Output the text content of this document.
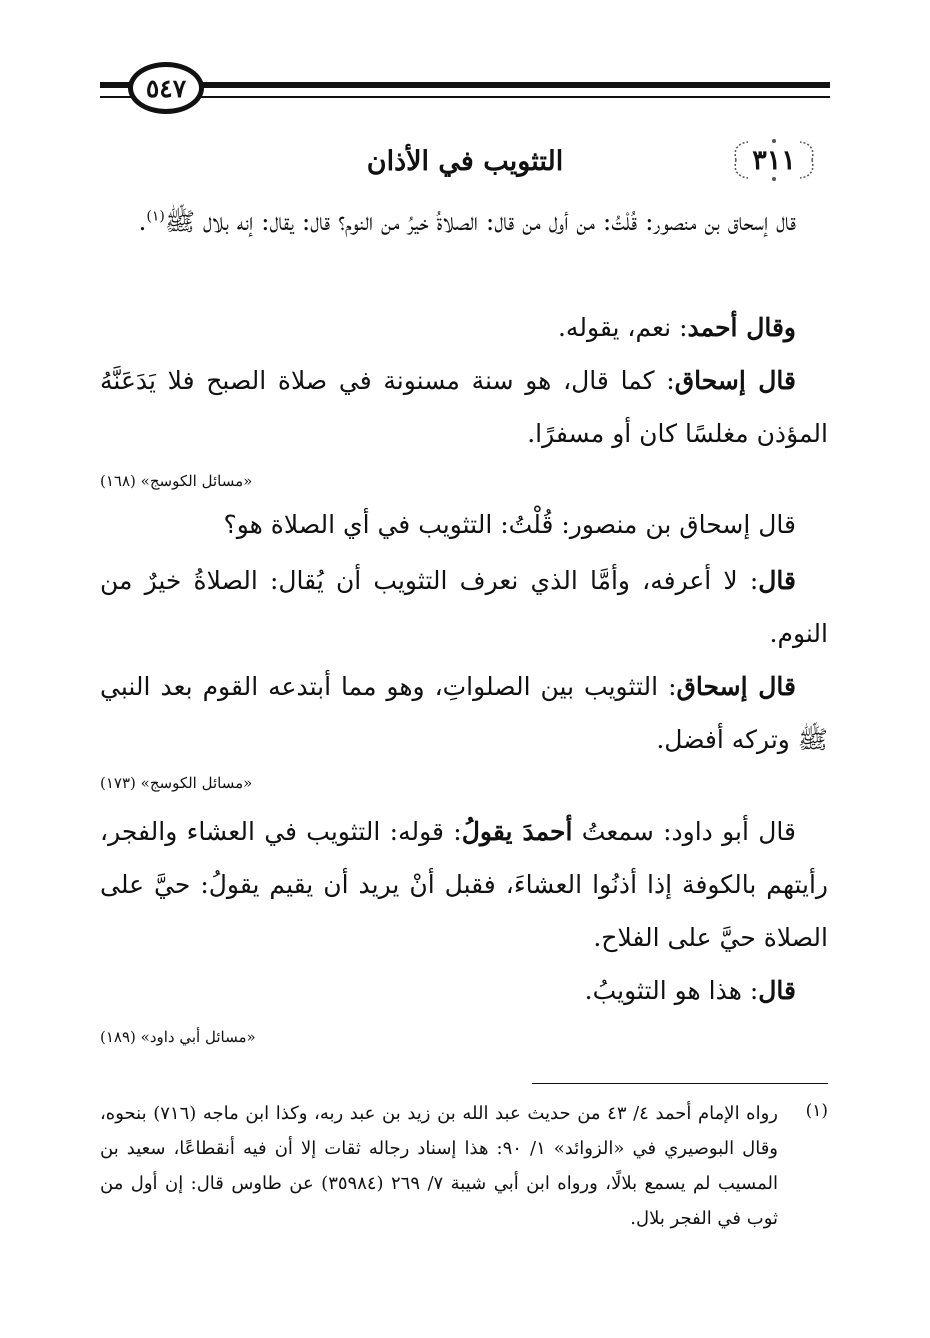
٥٤٧
٣١١
التثويب في الأذان

قال إسحاق بن منصور: قُلْتُ: من أول من قال: الصلاةُ خيرُ من النوم؟ قال: يقال: إنه بلال ﷺ$^{(١)}$.

وقال أحمد: نعم، يقوله.

قال إسحاق: كما قال، هو سنة مسنونة في صلاة الصبح فلا يَدَعَنَّهُ المؤذن مغلسًا كان أو مسفرًا.

«مسائل الكوسج» (١٦٨)

قال إسحاق بن منصور: قُلْتُ: التثويب في أي الصلاة هو؟

قال: لا أعرفه، وأمَّا الذي نعرف التثويب أن يُقال: الصلاةُ خيرٌ من النوم.

قال إسحاق: التثويب بين الصلواتِ، وهو مما أبتدعه القوم بعد النبي ﷺ وتركه أفضل.

«مسائل الكوسج» (١٧٣)

قال أبو داود: سمعتُ أحمدَ يقولُ: قوله: التثويب في العشاء والفجر، رأيتهم بالكوفة إذا أذنُوا العشاءَ، فقبل أنْ يريد أن يقيم يقولُ: حيَّ على الصلاة حيَّ على الفلاح.

قال: هذا هو التثويبُ.

«مسائل أبي داود» (١٨٩)
(١)
رواه الإمام أحمد ٤/ ٤٣ من حديث عبد الله بن زيد بن عبد ربه، وكذا ابن ماجه (٧١٦) بنحوه، وقال البوصيري في «الزوائد» ١/ ٩٠: هذا إسناد رجاله ثقات إلا أن فيه أنقطاعًا، سعيد بن المسيب لم يسمع بلالًا، ورواه ابن أبي شيبة ٧/ ٢٦٩ (٣٥٩٨٤) عن طاوس قال: إن أول من ثوب في الفجر بلال.
